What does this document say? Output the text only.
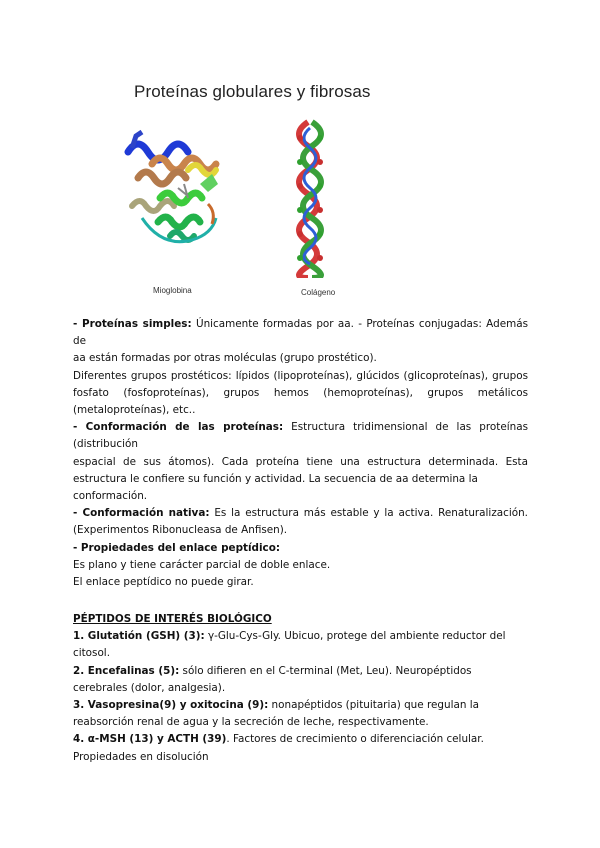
Proteínas globulares y fibrosas
Mioglobina	Colágeno

- Proteínas simples: Únicamente formadas por aa. - Proteínas conjugadas: Además de

aa están formadas por otras moléculas (grupo prostético).

Diferentes grupos prostéticos: lípidos (lipoproteínas), glúcidos (glicoproteínas), grupos

fosfato (fosfoproteínas), grupos hemos (hemoproteínas), grupos metálicos

(metaloproteínas), etc..

- Conformación de las proteínas: Estructura tridimensional de las proteínas (distribución

espacial de sus átomos). Cada proteína tiene una estructura determinada. Esta

estructura le confiere su función y actividad. La secuencia de aa determina la

conformación.

- Conformación nativa: Es la estructura más estable y la activa. Renaturalización.

(Experimentos Ribonucleasa de Anfisen).

- Propiedades del enlace peptídico:

Es plano y tiene carácter parcial de doble enlace.

El enlace peptídico no puede girar.

PÉPTIDOS DE INTERÉS BIOLÓGICO

1. Glutatión (GSH) (3): γ-Glu-Cys-Gly. Ubicuo, protege del ambiente reductor del

citosol.

2. Encefalinas (5): sólo difieren en el C-terminal (Met, Leu). Neuropéptidos

cerebrales (dolor, analgesia).

3. Vasopresina(9) y oxitocina (9): nonapéptidos (pituitaria) que regulan la

reabsorción renal de agua y la secreción de leche, respectivamente.

4. α-MSH (13) y ACTH (39). Factores de crecimiento o diferenciación celular.

Propiedades en disolución
